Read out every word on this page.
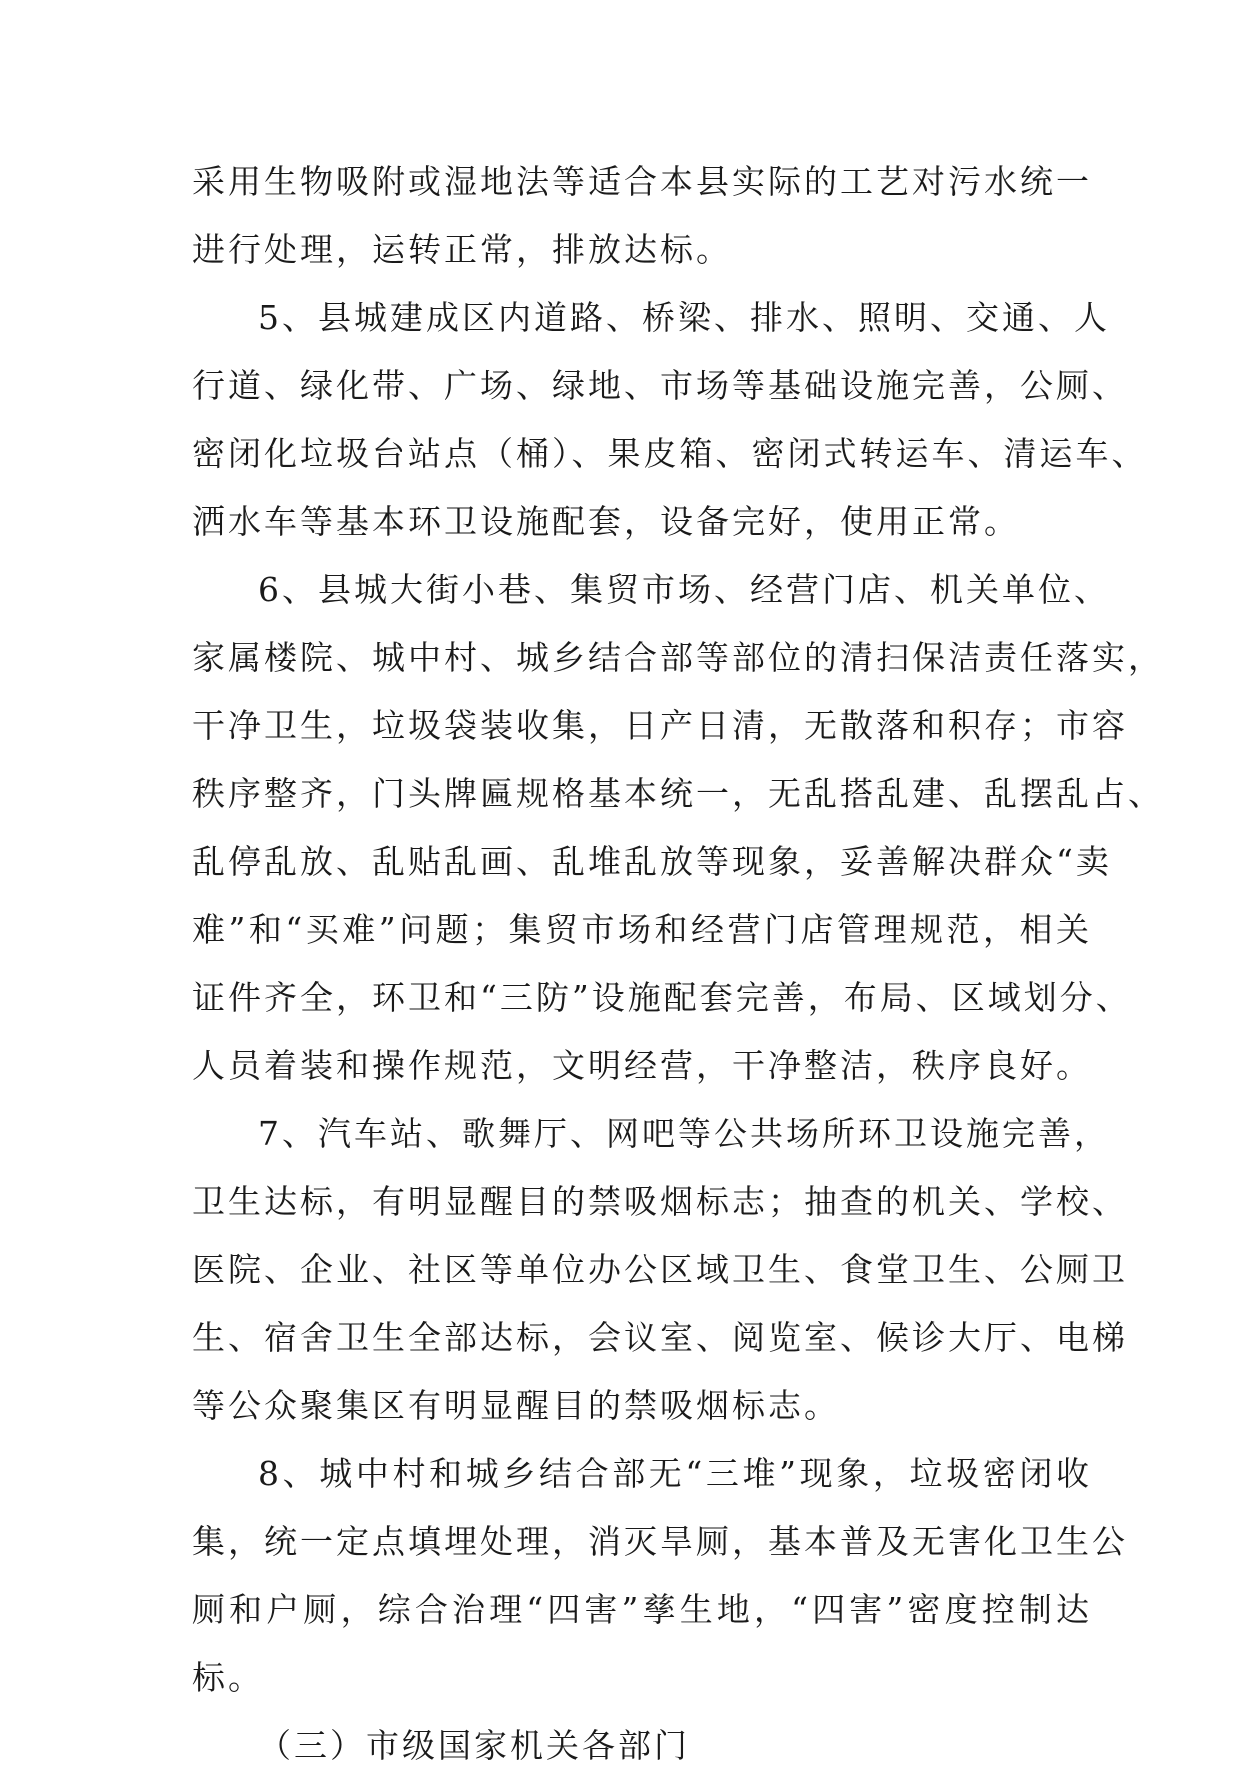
采用生物吸附或湿地法等适合本县实际的工艺对污水统一
进行处理，运转正常，排放达标。
5、县城建成区内道路、桥梁、排水、照明、交通、人
行道、绿化带、广场、绿地、市场等基础设施完善，公厕、
密闭化垃圾台站点（桶）、果皮箱、密闭式转运车、清运车、
洒水车等基本环卫设施配套，设备完好，使用正常。
6、县城大街小巷、集贸市场、经营门店、机关单位、
家属楼院、城中村、城乡结合部等部位的清扫保洁责任落实，
干净卫生，垃圾袋装收集，日产日清，无散落和积存；市容
秩序整齐，门头牌匾规格基本统一，无乱搭乱建、乱摆乱占、
乱停乱放、乱贴乱画、乱堆乱放等现象，妥善解决群众“卖
难”和“买难”问题；集贸市场和经营门店管理规范，相关
证件齐全，环卫和“三防”设施配套完善，布局、区域划分、
人员着装和操作规范，文明经营，干净整洁，秩序良好。
7、汽车站、歌舞厅、网吧等公共场所环卫设施完善，
卫生达标，有明显醒目的禁吸烟标志；抽查的机关、学校、
医院、企业、社区等单位办公区域卫生、食堂卫生、公厕卫
生、宿舍卫生全部达标，会议室、阅览室、候诊大厅、电梯
等公众聚集区有明显醒目的禁吸烟标志。
8、城中村和城乡结合部无“三堆”现象，垃圾密闭收
集，统一定点填埋处理，消灭旱厕，基本普及无害化卫生公
厕和户厕，综合治理“四害”孳生地，“四害”密度控制达
标。
（三）市级国家机关各部门
